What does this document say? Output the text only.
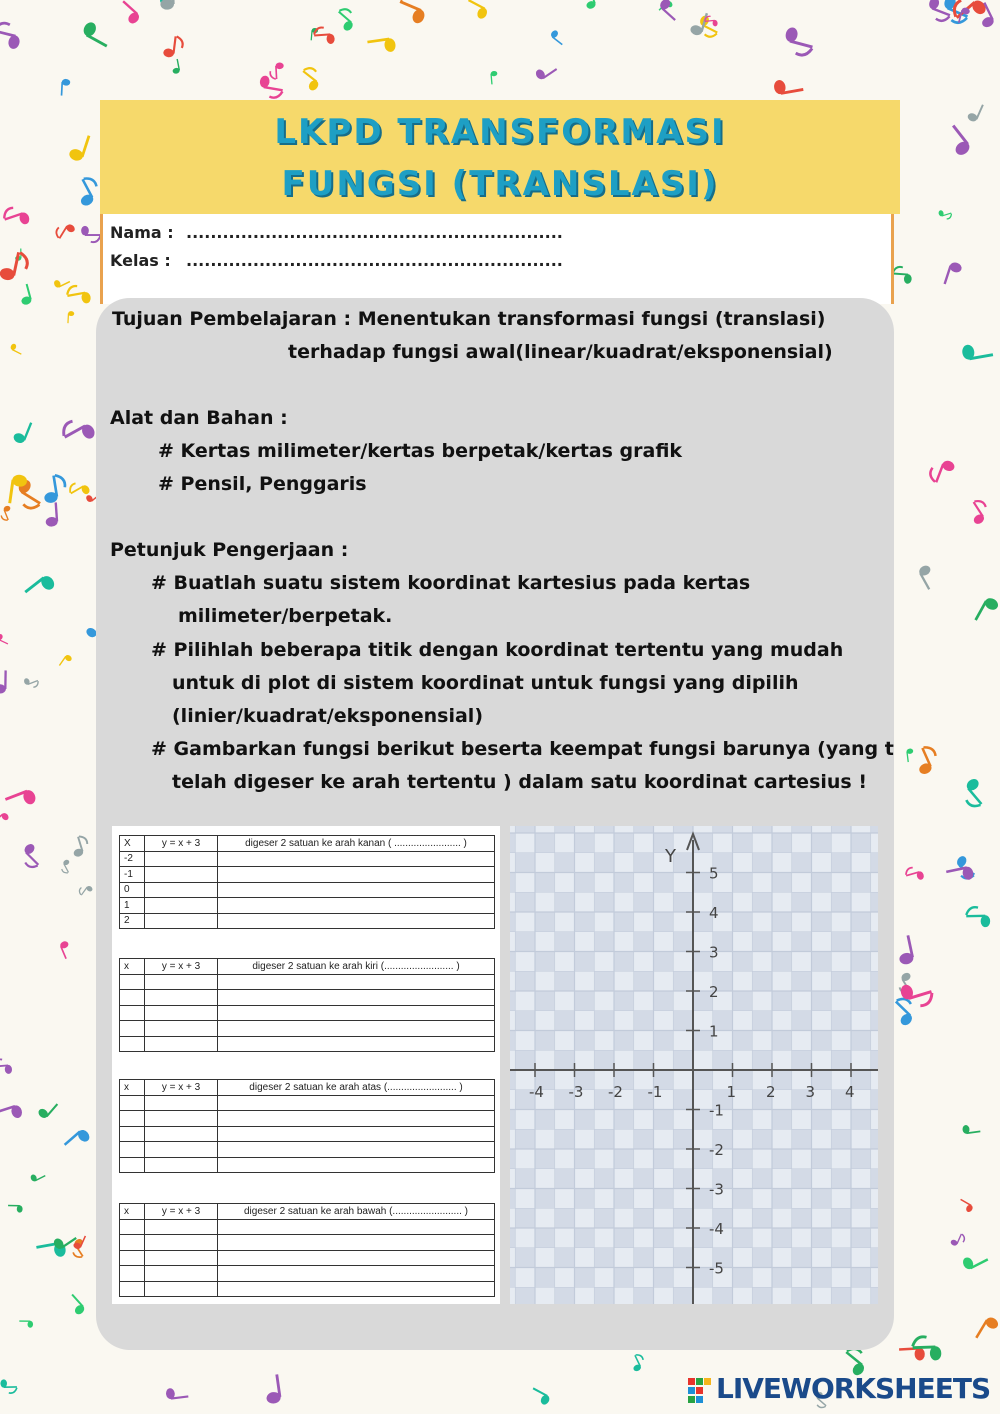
LKPD TRANSFORMASI
FUNGSI (TRANSLASI)
Nama : ..............................................................
Kelas : ..............................................................
Tujuan Pembelajaran : Menentukan transformasi fungsi (translasi)
terhadap fungsi awal(linear/kuadrat/eksponensial)
Alat dan Bahan :
# Kertas milimeter/kertas berpetak/kertas grafik
# Pensil, Penggaris
Petunjuk Pengerjaan :
# Buatlah suatu sistem koordinat kartesius pada kertas
milimeter/berpetak.
# Pilihlah beberapa titik dengan koordinat tertentu yang mudah
untuk di plot di sistem koordinat untuk fungsi yang dipilih
(linier/kuadrat/eksponensial)
# Gambarkan fungsi berikut beserta keempat fungsi barunya (yang t
telah digeser ke arah tertentu ) dalam satu koordinat cartesius !
X	y = x + 3	digeser 2 satuan ke arah kanan ( ........................ )
-2		
-1		
0		
1		
2		
x	y = x + 3	digeser 2 satuan ke arah kiri (......................... )

x	y = x + 3	digeser 2 satuan ke arah atas (......................... )

x	y = x + 3	digeser 2 satuan ke arah bawah (......................... )

Y
-4 -3 -2 -1	1 2 3 4
5
4
3
2
1
-1
-2
-3
-4
-5
LIVEWORKSHEETS
